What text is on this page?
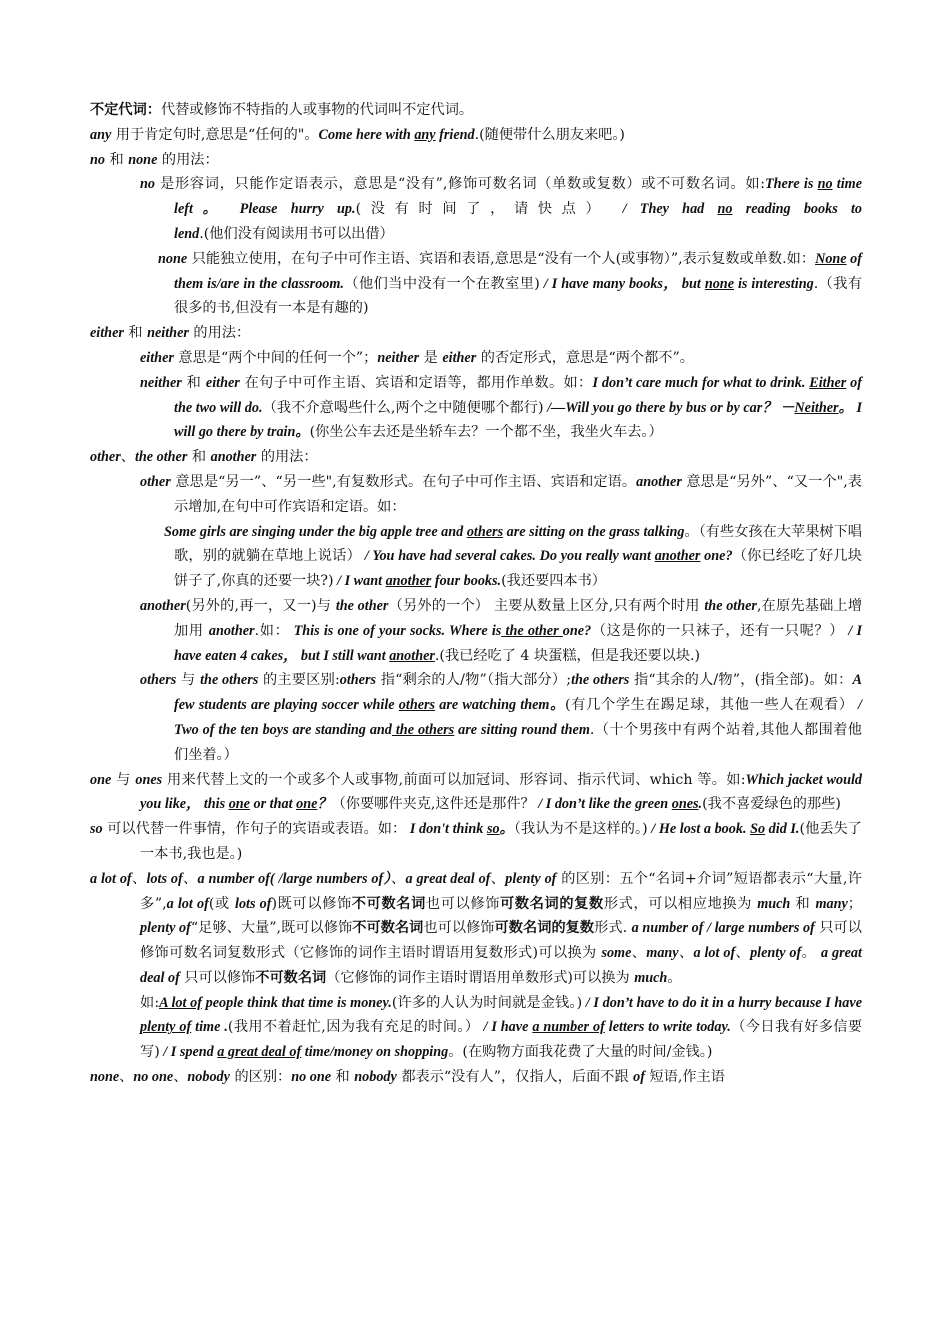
不定代词：代替或修饰不特指的人或事物的代词叫不定代词。

any 用于肯定句时,意思是“任何的"。Come here with any friend.(随便带什么朋友来吧。)

no 和 none 的用法：

no 是形容词，只能作定语表示，意思是“没有”,修饰可数名词（单数或复数）或不可数名词。如:There is no time left。 Please hurry up.(没有时间了，请快点） / They had no reading books to lend.(他们没有阅读用书可以出借）

none 只能独立使用，在句子中可作主语、宾语和表语,意思是“没有一个人(或事物）”,表示复数或单数.如：None of them is/are in the classroom.（他们当中没有一个在教室里) / I have many books， but none is interesting.（我有很多的书,但没有一本是有趣的)

either 和 neither 的用法：

either 意思是“两个中间的任何一个”；neither 是 either 的否定形式，意思是“两个都不”。

neither 和 either 在句子中可作主语、宾语和定语等，都用作单数。如：I don’t care much for what to drink. Either of the two will do.（我不介意喝些什么,两个之中随便哪个都行) /—Will you go there by bus or by car？ －Neither。 I will go there by train。(你坐公车去还是坐轿车去？一个都不坐，我坐火车去。）

other、the other 和 another 的用法：

other 意思是“另一”、“另一些",有复数形式。在句子中可作主语、宾语和定语。another 意思是“另外”、“又一个",表示增加,在句中可作宾语和定语。如：

Some girls are singing under the big apple tree and others are sitting on the grass talking。（有些女孩在大苹果树下唱歌，别的就躺在草地上说话） / You have had several cakes. Do you really want another one?（你已经吃了好几块饼子了,你真的还要一块?) / I want another four books.(我还要四本书）

another(另外的,再一，又一)与 the other（另外的一个） 主要从数量上区分,只有两个时用 the other,在原先基础上增加用 another.如： This is one of your socks. Where is the other one?（这是你的一只袜子，还有一只呢？） / I have eaten 4 cakes， but I still want another.(我已经吃了 4 块蛋糕，但是我还要以块.)

others 与 the others 的主要区别:others 指“剩余的人/物”（指大部分）;the others 指“其余的人/物”，(指全部)。如：A few students are playing soccer while others are watching them。(有几个学生在踢足球，其他一些人在观看） / Two of the ten boys are standing and the others are sitting round them.（十个男孩中有两个站着,其他人都围着他们坐着。）

one 与 ones 用来代替上文的一个或多个人或事物,前面可以加冠词、形容词、指示代词、which 等。如:Which jacket would you like， this one or that one？（你要哪件夹克,这件还是那件？ / I don’t like the green ones.(我不喜爱绿色的那些)

so 可以代替一件事情，作句子的宾语或表语。如： I don't think so。（我认为不是这样的。) / He lost a book. So did I.(他丢失了一本书,我也是。)

a lot of、lots of、a number of( /large numbers of）、a great deal of、plenty of 的区别：五个“名词+介词”短语都表示“大量,许多”,a lot of(或 lots of)既可以修饰不可数名词也可以修饰可数名词的复数形式，可以相应地换为 much 和 many；plenty of“足够、大量”,既可以修饰不可数名词也可以修饰可数名词的复数形式. a number of / large numbers of 只可以修饰可数名词复数形式（它修饰的词作主语时谓语用复数形式)可以换为 some、many、a lot of、plenty of。 a great deal of 只可以修饰不可数名词（它修饰的词作主语时谓语用单数形式)可以换为 much。

如:A lot of people think that time is money.(许多的人认为时间就是金钱。) / I don’t have to do it in a hurry because I have plenty of time .(我用不着赶忙,因为我有充足的时间。） / I have a number of letters to write today.（今日我有好多信要写) / I spend a great deal of time/money on shopping。(在购物方面我花费了大量的时间/金钱。)

none、no one、nobody 的区别：no one 和 nobody 都表示“没有人”，仅指人，后面不跟 of 短语,作主语
